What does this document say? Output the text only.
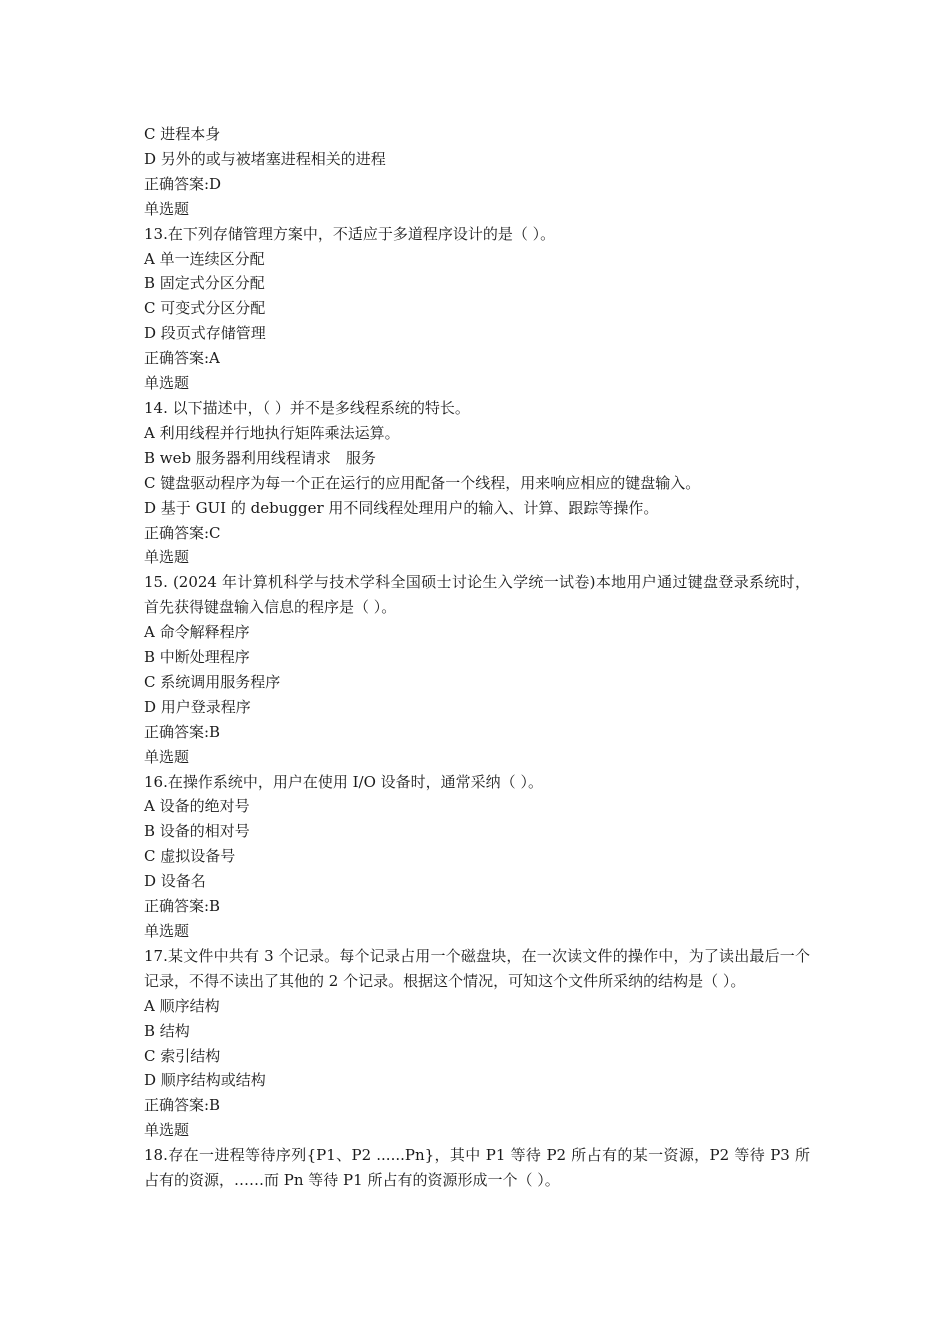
C 进程本身

D 另外的或与被堵塞进程相关的进程

正确答案:D

单选题

13.在下列存储管理方案中，不适应于多道程序设计的是（ ）。

A 单一连续区分配

B 固定式分区分配

C 可变式分区分配

D 段页式存储管理

正确答案:A

单选题

14. 以下描述中，（ ）并不是多线程系统的特长。

A 利用线程并行地执行矩阵乘法运算。

B web 服务器利用线程请求　服务

C 键盘驱动程序为每一个正在运行的应用配备一个线程，用来响应相应的键盘输入。

D 基于 GUI 的 debugger 用不同线程处理用户的输入、计算、跟踪等操作。

正确答案:C

单选题

15. (2024 年计算机科学与技术学科全国硕士讨论生入学统一试卷)本地用户通过键盘登录系统时，首先获得键盘输入信息的程序是（ ）。

A 命令解释程序

B 中断处理程序

C 系统调用服务程序

D 用户登录程序

正确答案:B

单选题

16.在操作系统中，用户在使用 I/O 设备时，通常采纳（ ）。

A 设备的绝对号

B 设备的相对号

C 虚拟设备号

D 设备名

正确答案:B

单选题

17.某文件中共有 3 个记录。每个记录占用一个磁盘块，在一次读文件的操作中，为了读出最后一个记录，不得不读出了其他的 2 个记录。根据这个情况，可知这个文件所采纳的结构是（ ）。

A 顺序结构

B 结构

C 索引结构

D 顺序结构或结构

正确答案:B

单选题

18.存在一进程等待序列{P1、P2 ......Pn}，其中 P1 等待 P2 所占有的某一资源，P2 等待 P3 所占有的资源，……而 Pn 等待 P1 所占有的资源形成一个（ ）。
